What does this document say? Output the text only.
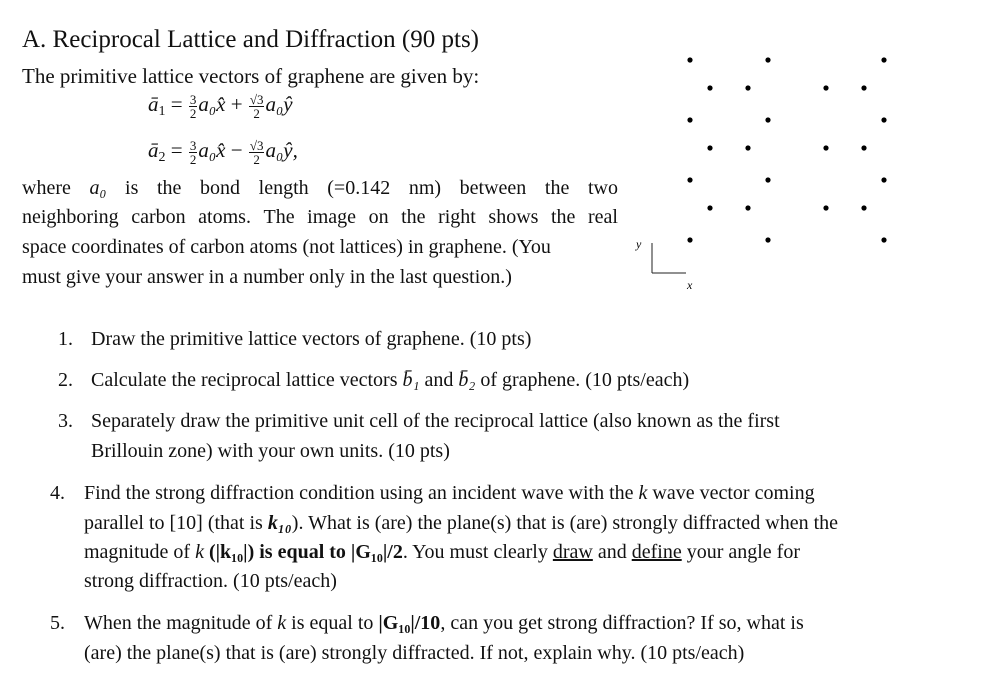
A. Reciprocal Lattice and Diffraction (90 pts)
The primitive lattice vectors of graphene are given by:
$ā_1 = \frac{3}{2}$ a₀x̂ + $\frac{√3}{2}$ a₀ŷ
$ā_2 = \frac{3}{2}$ a₀x̂ − $\frac{√3}{2}$ a₀ŷ,
where a₀ is the bond length (=0.142 nm) between the two
neighboring carbon atoms. The image on the right shows the real
space coordinates of carbon atoms (not lattices) in graphene. (You
must give your answer in a number only in the last question.)
y
x
1. Draw the primitive lattice vectors of graphene. (10 pts)
2. Calculate the reciprocal lattice vectors b̄₁ and b̄₂ of graphene. (10 pts/each)
3. Separately draw the primitive unit cell of the reciprocal lattice (also known as the first
Brillouin zone) with your own units. (10 pts)
4. Find the strong diffraction condition using an incident wave with the k wave vector coming
parallel to [10] (that is k₁₀). What is (are) the plane(s) that is (are) strongly diffracted when the
magnitude of k (|k₁₀|) is equal to |G₁₀|/2. You must clearly draw and define your angle for
strong diffraction. (10 pts/each)
5. When the magnitude of k is equal to |G₁₀|/10, can you get strong diffraction? If so, what is
(are) the plane(s) that is (are) strongly diffracted. If not, explain why. (10 pts/each)
